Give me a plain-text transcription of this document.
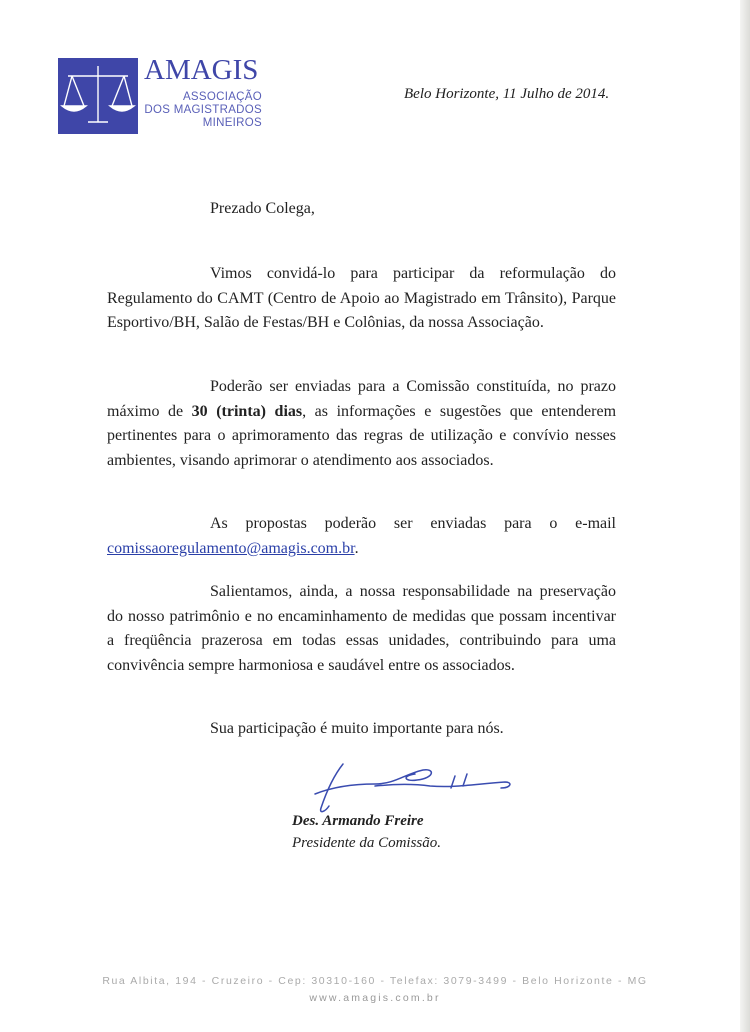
AMAGIS
ASSOCIAÇÃO
DOS MAGISTRADOS
MINEIROS
Belo Horizonte, 11 Julho de 2014.
Prezado Colega,

Vimos convidá-lo para participar da reformulação do Regulamento do CAMT (Centro de Apoio ao Magistrado em Trânsito), Parque Esportivo/BH, Salão de Festas/BH e Colônias, da nossa Associação.

Poderão ser enviadas para a Comissão constituída, no prazo máximo de 30 (trinta) dias, as informações e sugestões que entenderem pertinentes para o aprimoramento das regras de utilização e convívio nesses ambientes, visando aprimorar o atendimento aos associados.

As propostas poderão ser enviadas para o e-mail comissaoregulamento@amagis.com.br.

Salientamos, ainda, a nossa responsabilidade na preservação do nosso patrimônio e no encaminhamento de medidas que possam incentivar a freqüência prazerosa em todas essas unidades, contribuindo para uma convivência sempre harmoniosa e saudável entre os associados.

Sua participação é muito importante para nós.

Des. Armando Freire
Presidente da Comissão.
Rua Albita, 194 - Cruzeiro - Cep: 30310-160 - Telefax: 3079-3499 - Belo Horizonte - MG
www.amagis.com.br
